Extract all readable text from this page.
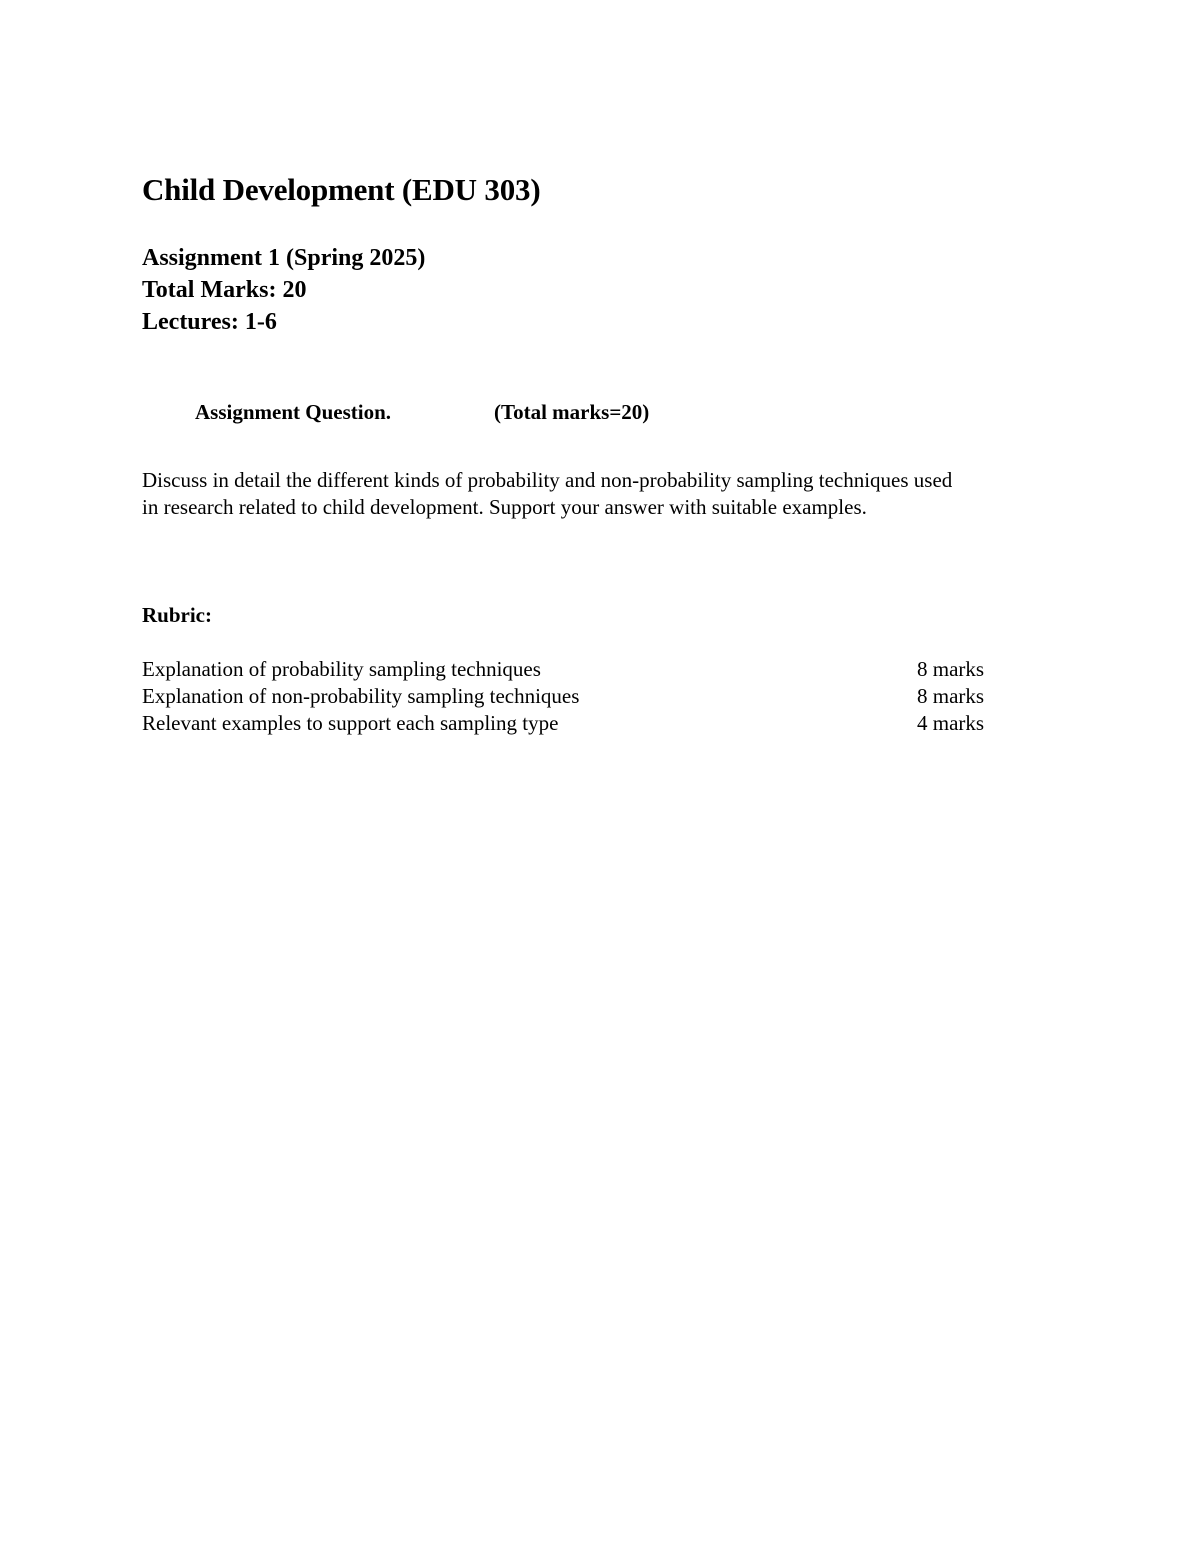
Child Development (EDU 303)
Assignment 1 (Spring 2025)
Total Marks: 20
Lectures: 1-6
Assignment Question.	(Total marks=20)
Discuss in detail the different kinds of probability and non-probability sampling techniques used
in research related to child development. Support your answer with suitable examples.
Rubric:
Explanation of probability sampling techniques	8 marks
Explanation of non-probability sampling techniques	8 marks
Relevant examples to support each sampling type	4 marks
